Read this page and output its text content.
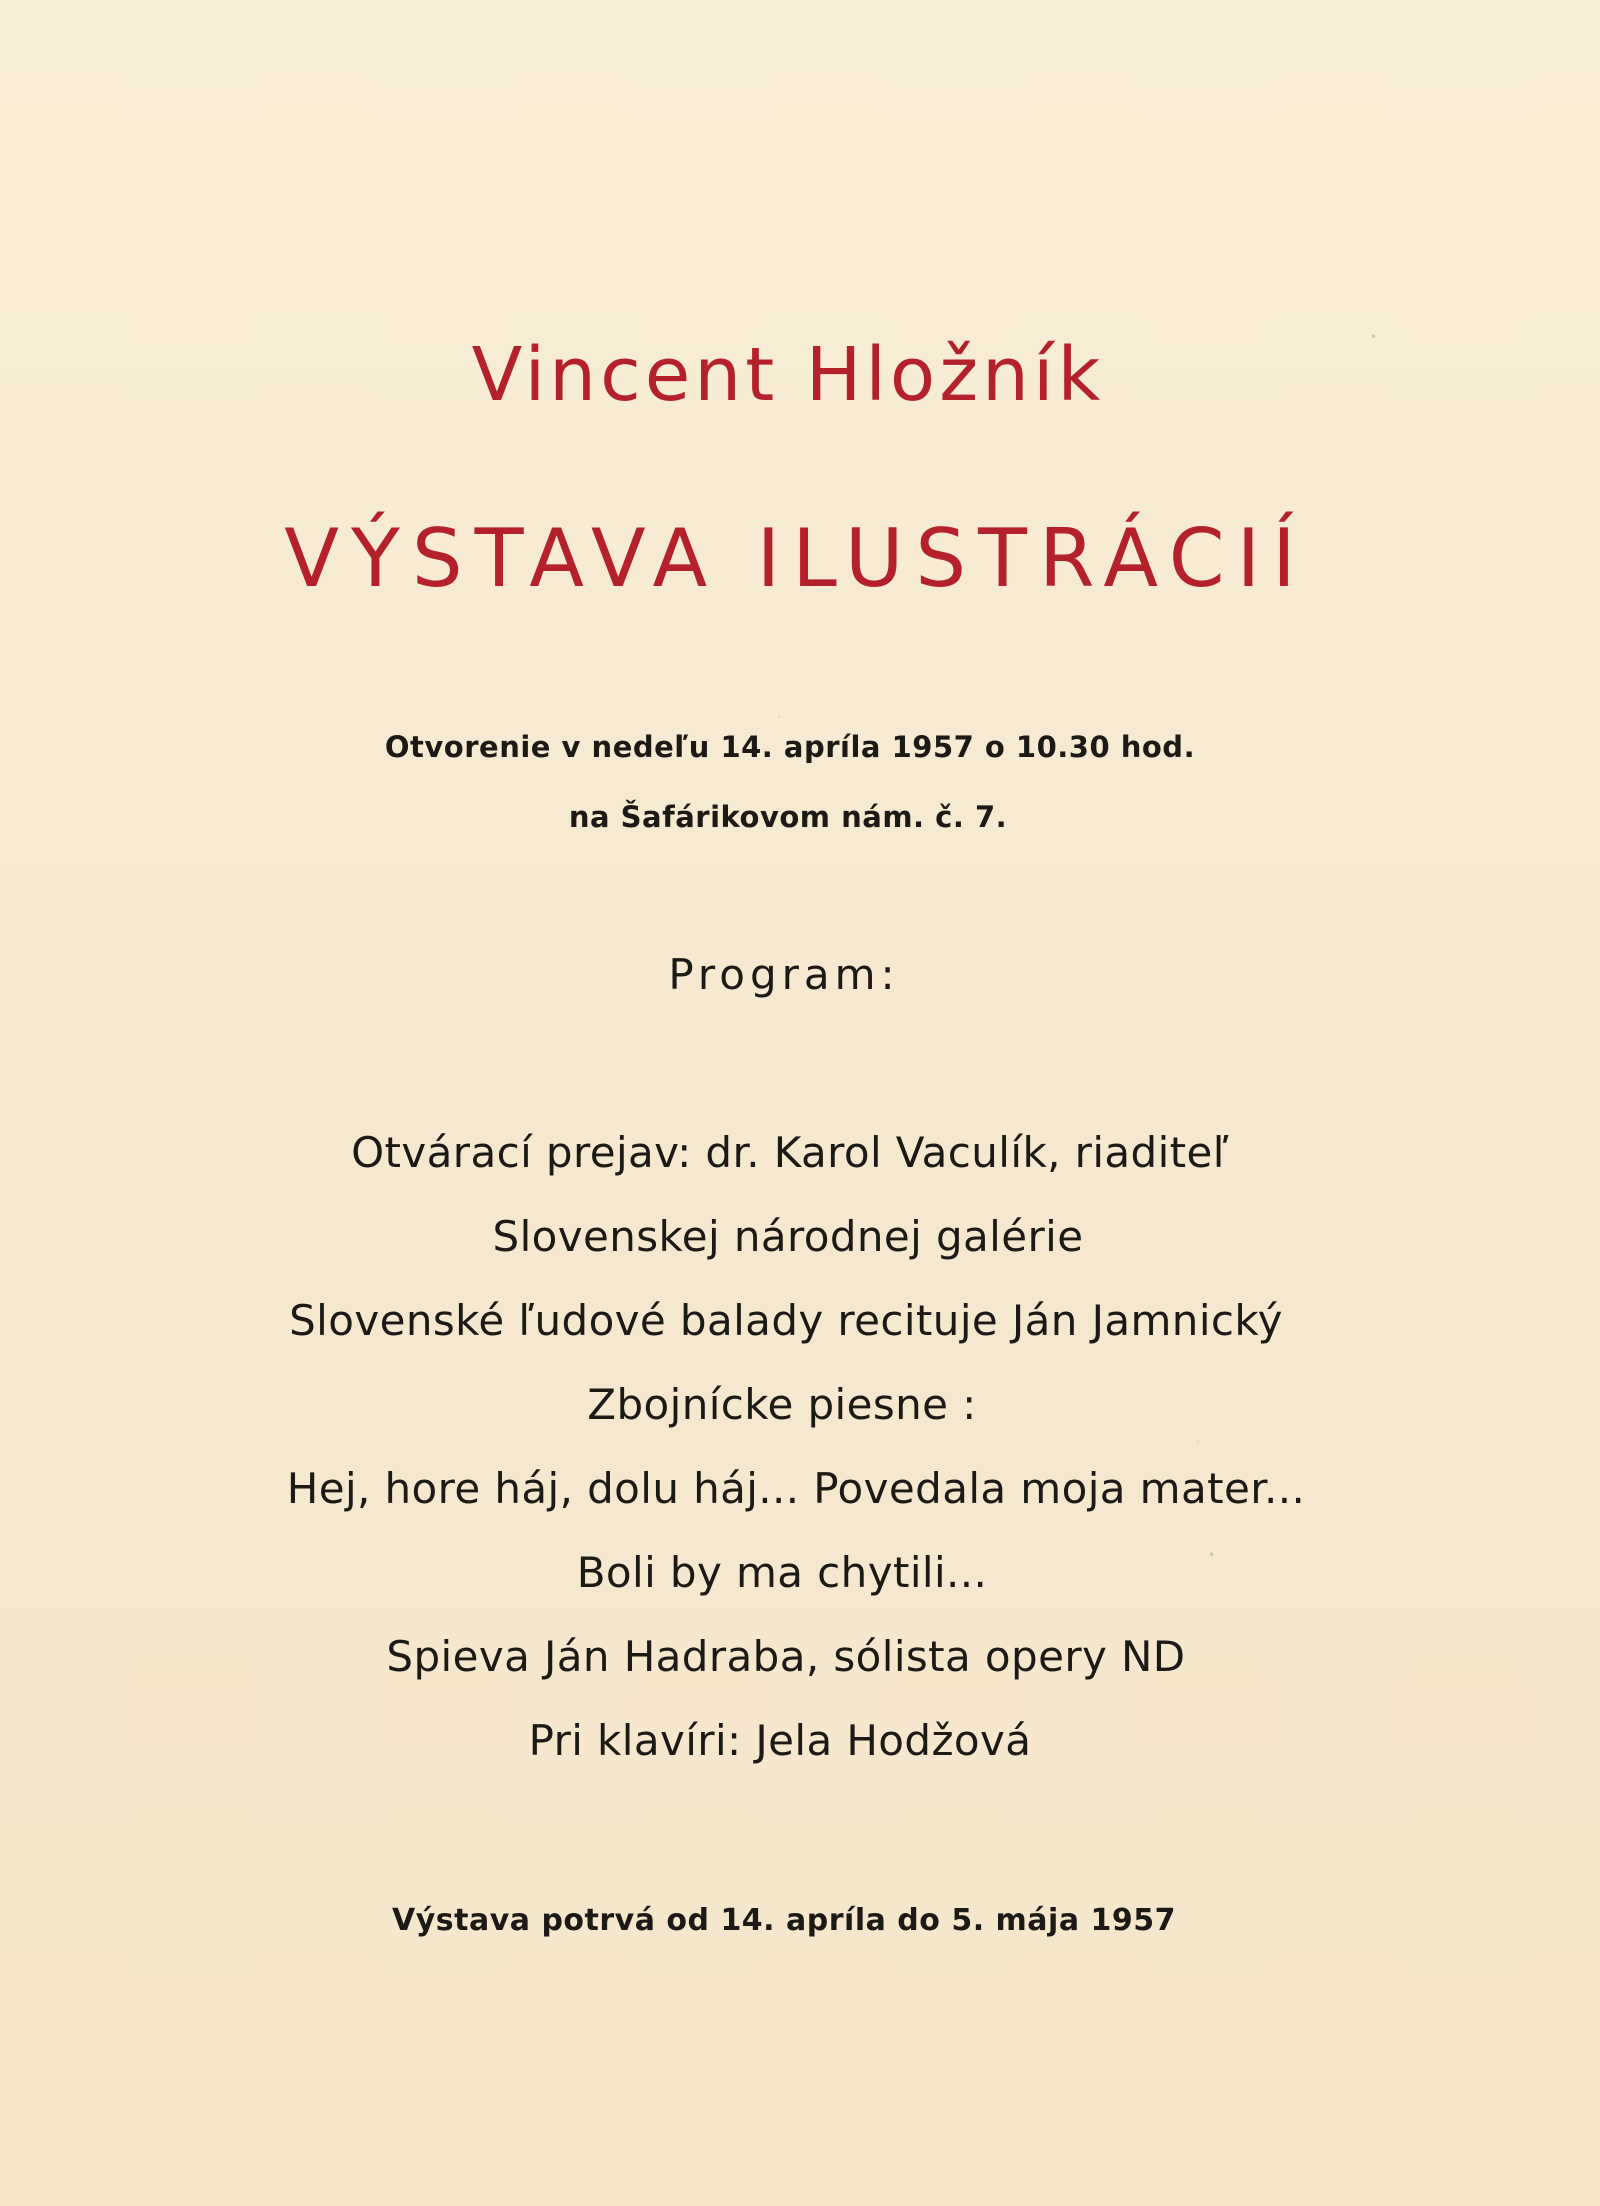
Vincent Hložník
VÝSTAVA ILUSTRÁCIÍ
Otvorenie v nedeľu 14. apríla 1957 o 10.30 hod.
na Šafárikovom nám. č. 7.
Program:
Otvárací prejav: dr. Karol Vaculík, riaditeľ
Slovenskej národnej galérie
Slovenské ľudové balady recituje Ján Jamnický
Zbojnícke piesne :
Hej, hore háj, dolu háj... Povedala moja mater...
Boli by ma chytili...
Spieva Ján Hadraba, sólista opery ND
Pri klavíri: Jela Hodžová
Výstava potrvá od 14. apríla do 5. mája 1957
•
·
•
·
